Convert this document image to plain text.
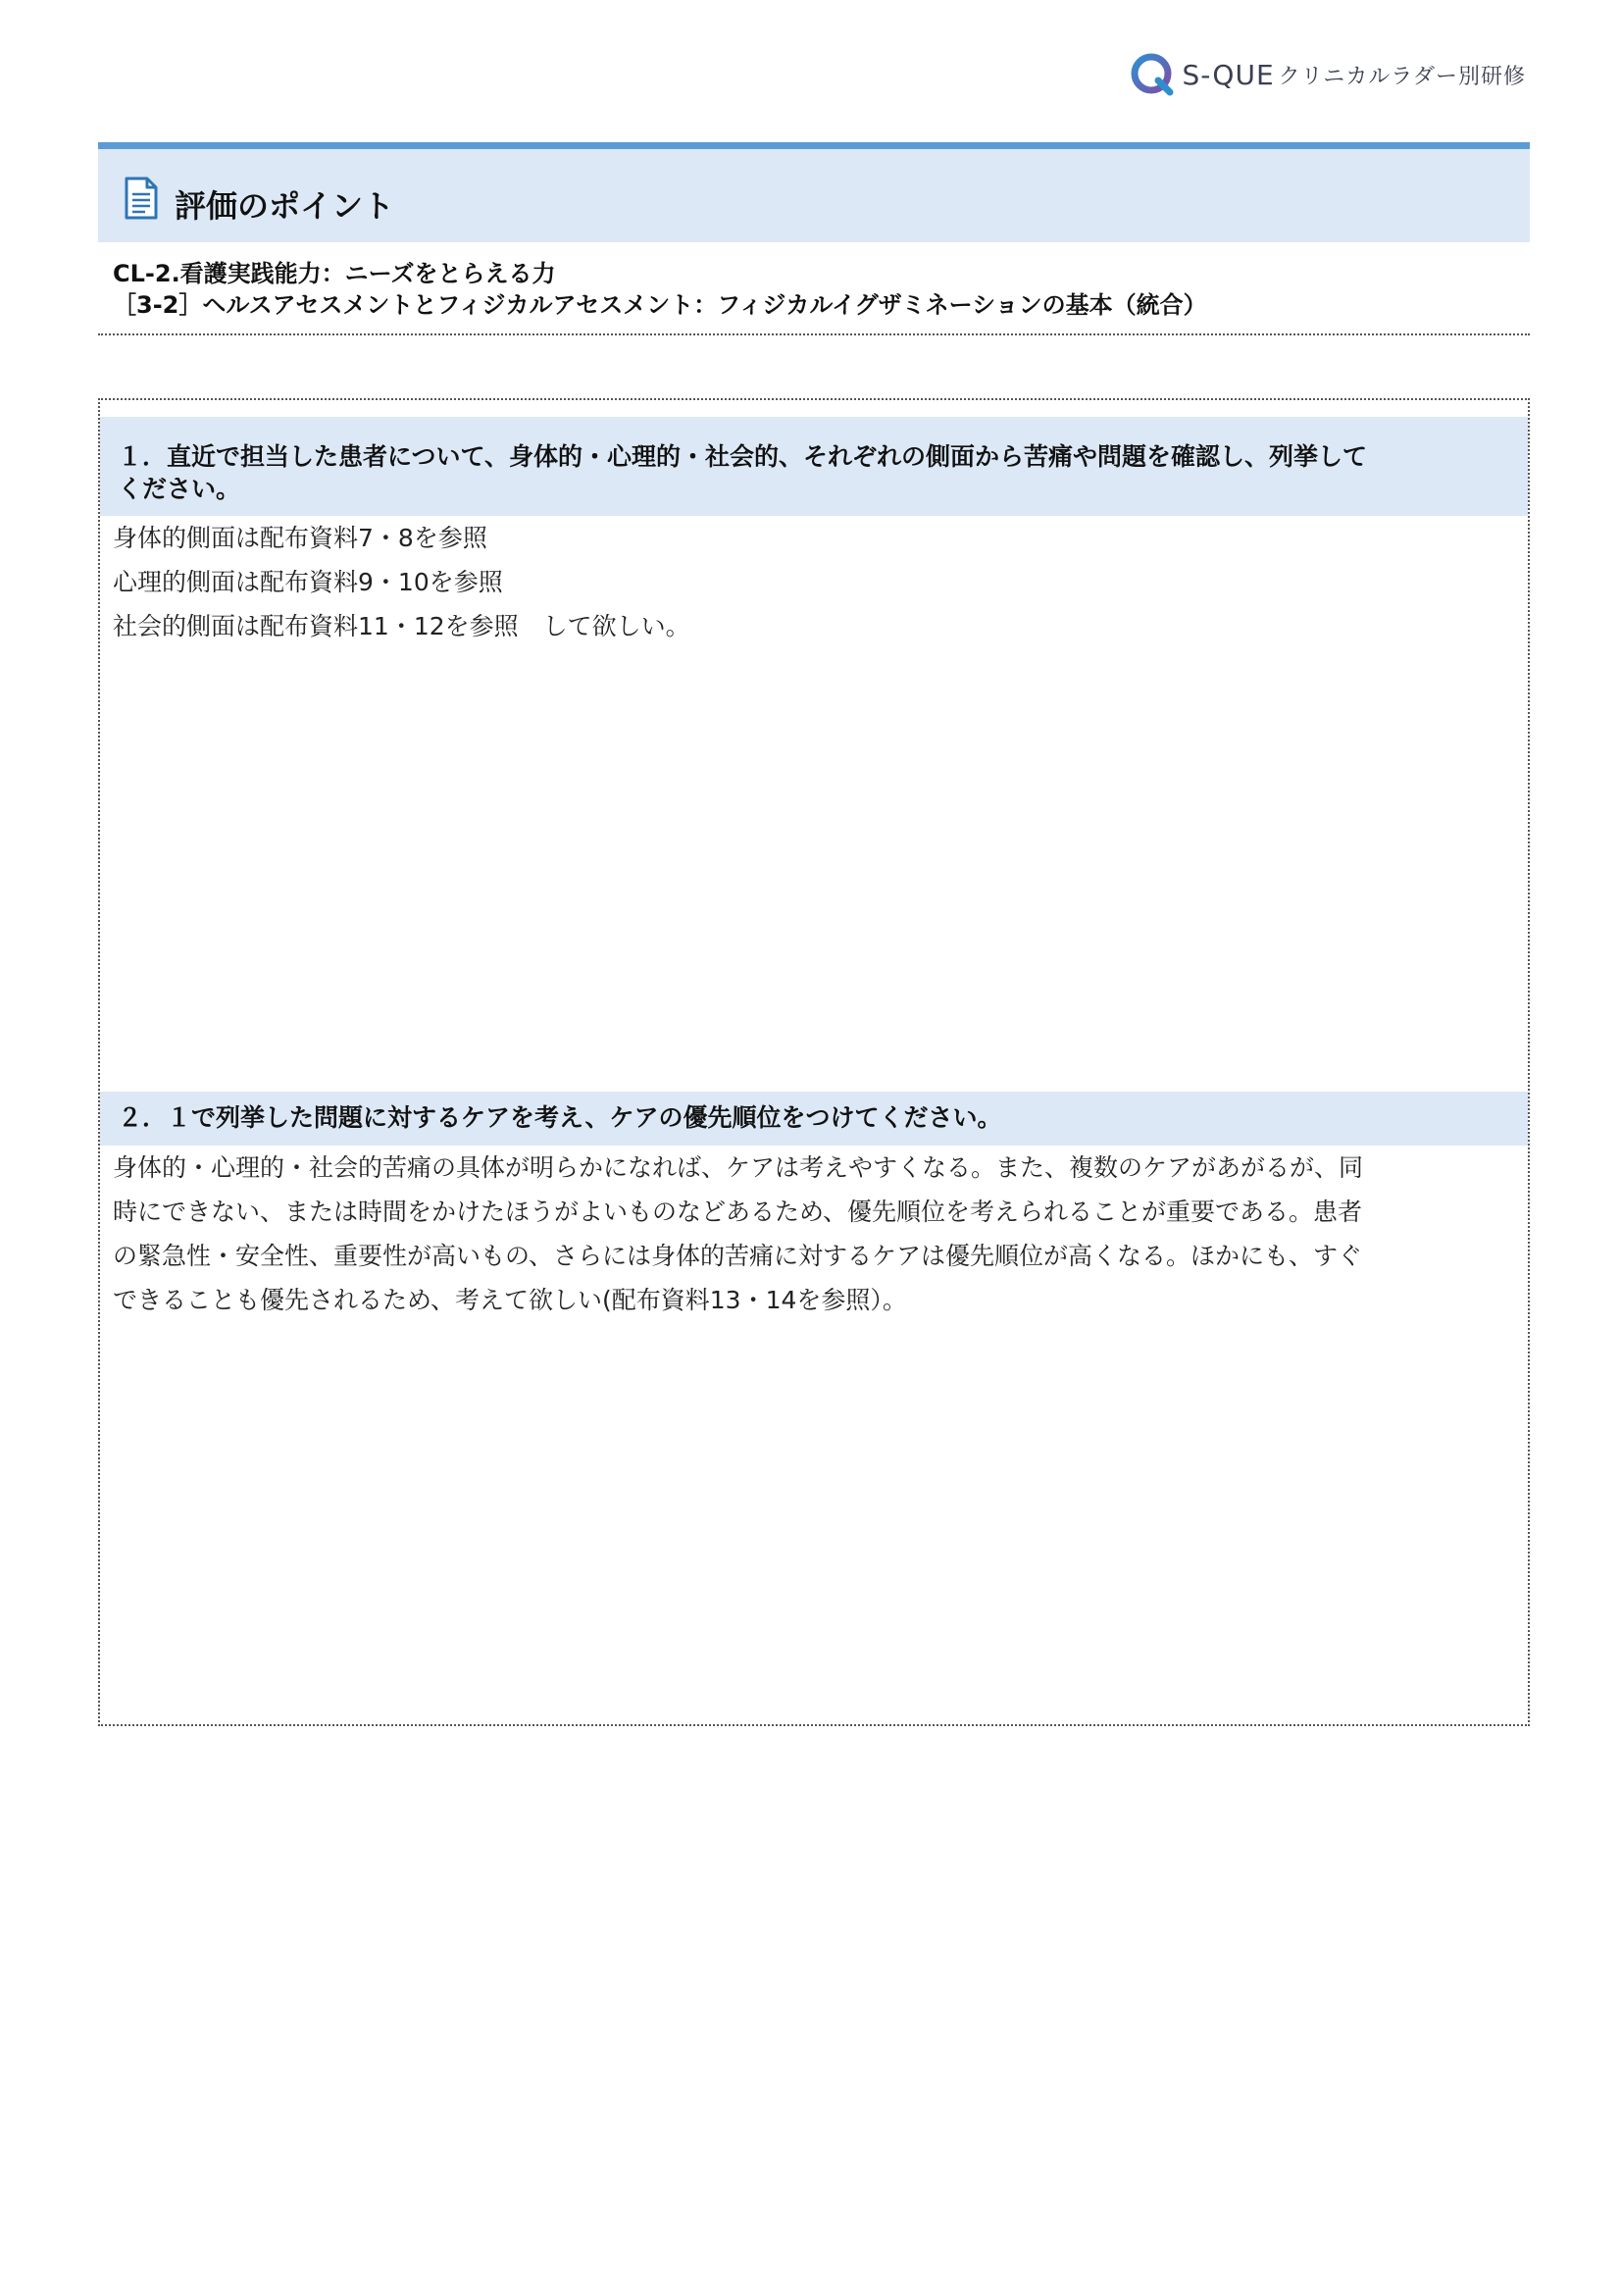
S-QUE クリニカルラダー別研修
評価のポイント
CL-2.看護実践能力：ニーズをとらえる力
［3-2］ヘルスアセスメントとフィジカルアセスメント：フィジカルイグザミネーションの基本（統合）
１．直近で担当した患者について、身体的・心理的・社会的、それぞれの側面から苦痛や問題を確認し、列挙して
ください。
身体的側面は配布資料7・8を参照
心理的側面は配布資料9・10を参照
社会的側面は配布資料11・12を参照　して欲しい。
２．１で列挙した問題に対するケアを考え、ケアの優先順位をつけてください。
身体的・心理的・社会的苦痛の具体が明らかになれば、ケアは考えやすくなる。また、複数のケアがあがるが、同
時にできない、または時間をかけたほうがよいものなどあるため、優先順位を考えられることが重要である。患者
の緊急性・安全性、重要性が高いもの、さらには身体的苦痛に対するケアは優先順位が高くなる。ほかにも、すぐ
できることも優先されるため、考えて欲しい(配布資料13・14を参照）。
